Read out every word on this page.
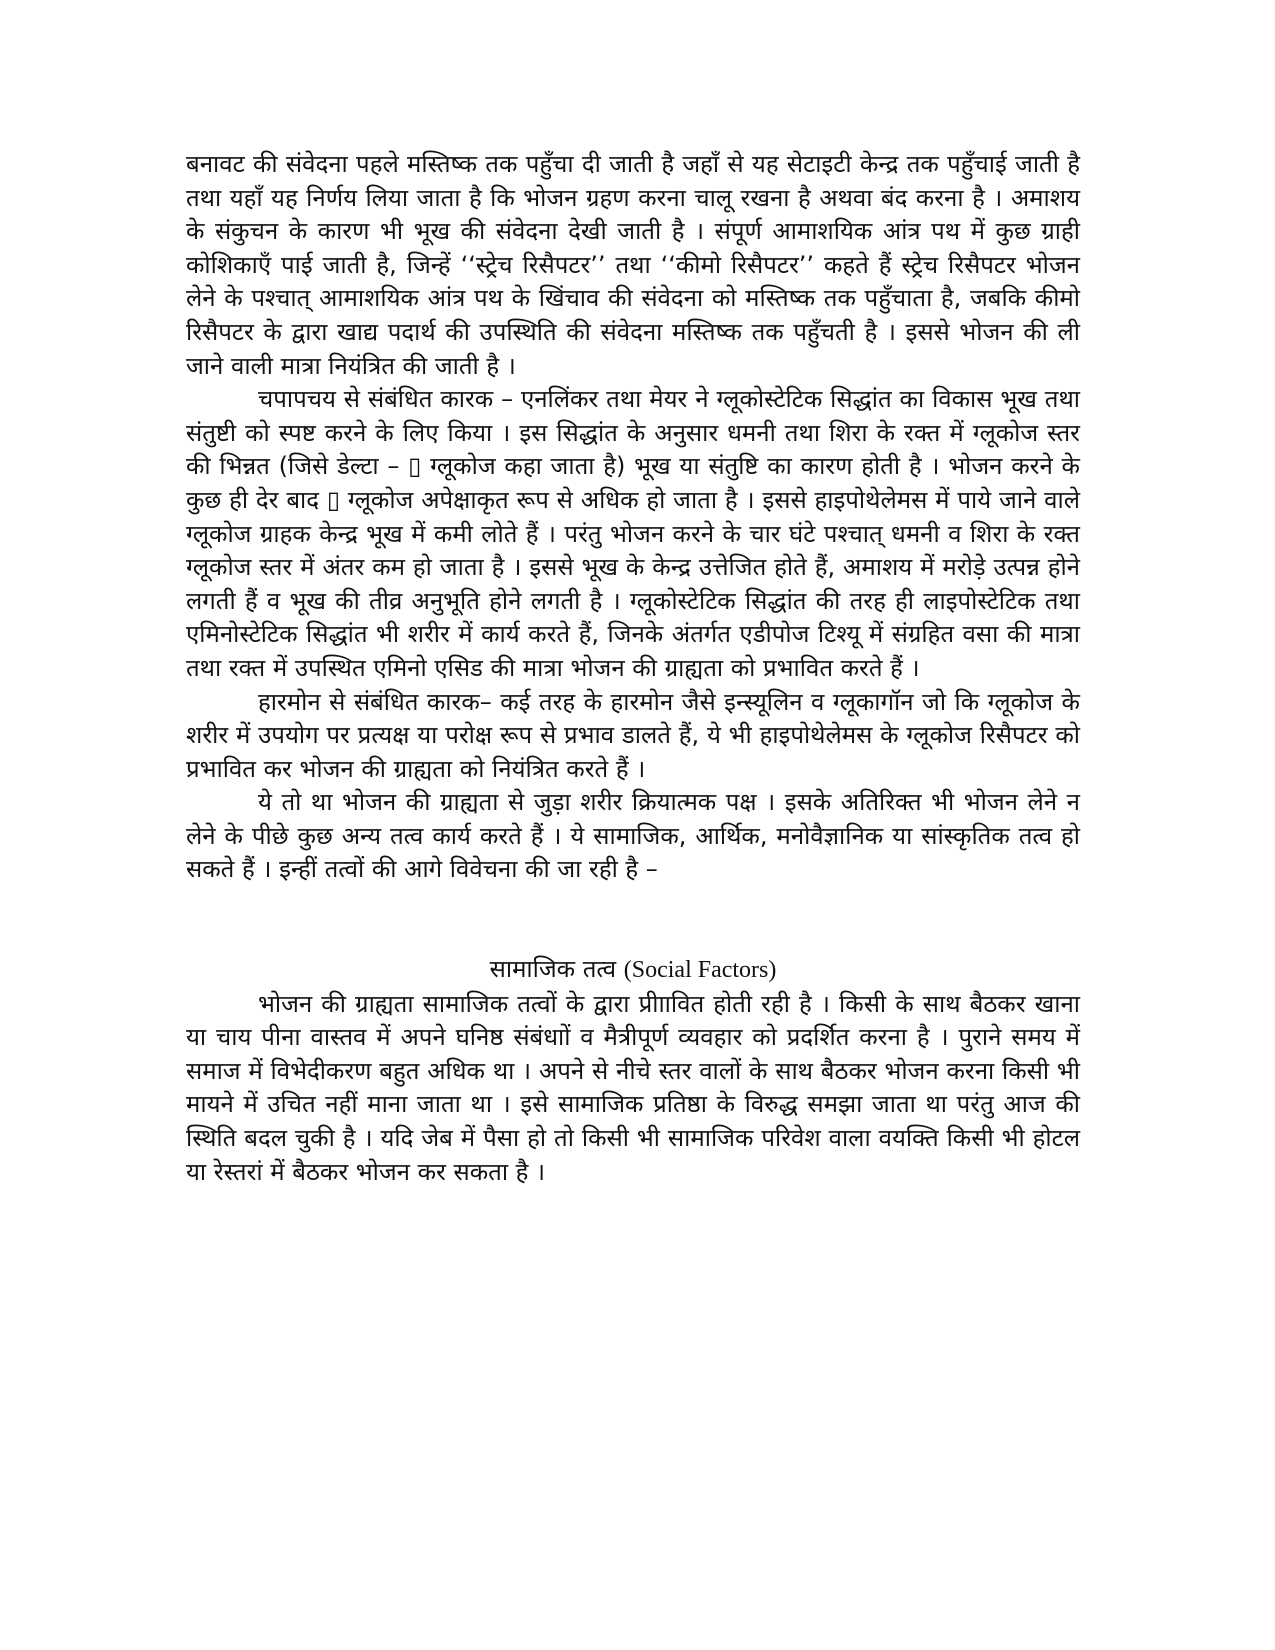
बनावट की संवेदना पहले मस्तिष्क तक पहुँचा दी जाती है जहाँ से यह सेटाइटी केन्द्र तक पहुँचाई जाती है तथा यहाँ यह निर्णय लिया जाता है कि भोजन ग्रहण करना चालू रखना है अथवा बंद करना है । अमाशय के संकुचन के कारण भी भूख की संवेदना देखी जाती है । संपूर्ण आमाशयिक आंत्र पथ में कुछ ग्राही कोशिकाएँ पाई जाती है, जिन्हें ‘‘स्ट्रेच रिसैपटर’’ तथा ‘‘कीमो रिसैपटर’’ कहते हैं स्ट्रेच रिसैपटर भोजन लेने के पश्चात् आमाशयिक आंत्र पथ के खिंचाव की संवेदना को मस्तिष्क तक पहुँचाता है, जबकि कीमो रिसैपटर के द्वारा खाद्य पदार्थ की उपस्थिति की संवेदना मस्तिष्क तक पहुँचती है । इससे भोजन की ली जाने वाली मात्रा नियंत्रित की जाती है ।

चपापचय से संबंधित कारक – एनलिंकर तथा मेयर ने ग्लूकोस्टेटिक सिद्धांत का विकास भूख तथा संतुष्टी को स्पष्ट करने के लिए किया । इस सिद्धांत के अनुसार धमनी तथा शिरा के रक्त में ग्लूकोज स्तर की भिन्नत (जिसे डेल्टा – ▯ ग्लूकोज कहा जाता है) भूख या संतुष्टि का कारण होती है । भोजन करने के कुछ ही देर बाद ▯ ग्लूकोज अपेक्षाकृत रूप से अधिक हो जाता है । इससे हाइपोथेलेमस में पाये जाने वाले ग्लूकोज ग्राहक केन्द्र भूख में कमी लोते हैं । परंतु भोजन करने के चार घंटे पश्चात् धमनी व शिरा के रक्त ग्लूकोज स्तर में अंतर कम हो जाता है । इससे भूख के केन्द्र उत्तेजित होते हैं, अमाशय में मरोड़े उत्पन्न होने लगती हैं व भूख की तीव्र अनुभूति होने लगती है । ग्लूकोस्टेटिक सिद्धांत की तरह ही लाइपोस्टेटिक तथा एमिनोस्टेटिक सिद्धांत भी शरीर में कार्य करते हैं, जिनके अंतर्गत एडीपोज टिश्यू में संग्रहित वसा की मात्रा तथा रक्त में उपस्थित एमिनो एसिड की मात्रा भोजन की ग्राह्यता को प्रभावित करते हैं ।

हारमोन से संबंधित कारक– कई तरह के हारमोन जैसे इन्स्यूलिन व ग्लूकागॉन जो कि ग्लूकोज के शरीर में उपयोग पर प्रत्यक्ष या परोक्ष रूप से प्रभाव डालते हैं, ये भी हाइपोथेलेमस के ग्लूकोज रिसैपटर को प्रभावित कर भोजन की ग्राह्यता को नियंत्रित करते हैं ।

ये तो था भोजन की ग्राह्यता से जुड़ा शरीर क्रियात्मक पक्ष । इसके अतिरिक्त भी भोजन लेने न लेने के पीछे कुछ अन्य तत्व कार्य करते हैं । ये सामाजिक, आर्थिक, मनोवैज्ञानिक या सांस्कृतिक तत्व हो सकते हैं । इन्हीं तत्वों की आगे विवेचना की जा रही है –

सामाजिक तत्व (Social Factors)

भोजन की ग्राह्यता सामाजिक तत्वों के द्वारा प्रीाावित होती रही है । किसी के साथ बैठकर खाना या चाय पीना वास्तव में अपने घनिष्ठ संबंधाों व मैत्रीपूर्ण व्यवहार को प्रदर्शित करना है । पुराने समय में समाज में विभेदीकरण बहुत अधिक था । अपने से नीचे स्तर वालों के साथ बैठकर भोजन करना किसी भी मायने में उचित नहीं माना जाता था । इसे सामाजिक प्रतिष्ठा के विरुद्ध समझा जाता था परंतु आज की स्थिति बदल चुकी है । यदि जेब में पैसा हो तो किसी भी सामाजिक परिवेश वाला वयक्ति किसी भी होटल या रेस्तरां में बैठकर भोजन कर सकता है ।
